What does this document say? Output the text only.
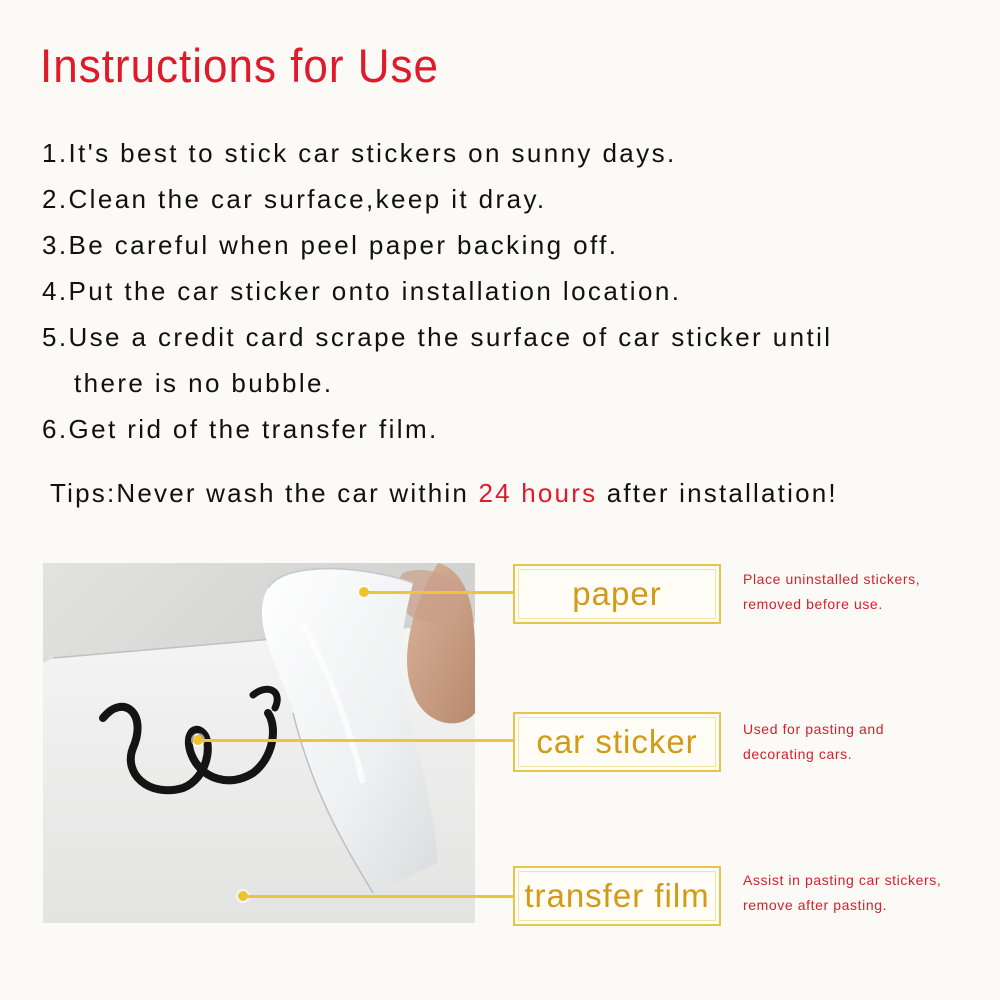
Instructions for Use
1.It's best to stick car stickers on sunny days.
2.Clean the car surface,keep it dray.
3.Be careful when peel paper backing off.
4.Put the car sticker onto installation location.
5.Use a credit card scrape the surface of car sticker until
there is no bubble.
6.Get rid of the transfer film.
Tips:Never wash the car within 24 hours after installation!
paper
car sticker
transfer film
Place uninstalled stickers,
removed before use.
Used for pasting and
decorating cars.
Assist in pasting car stickers,
remove after pasting.
